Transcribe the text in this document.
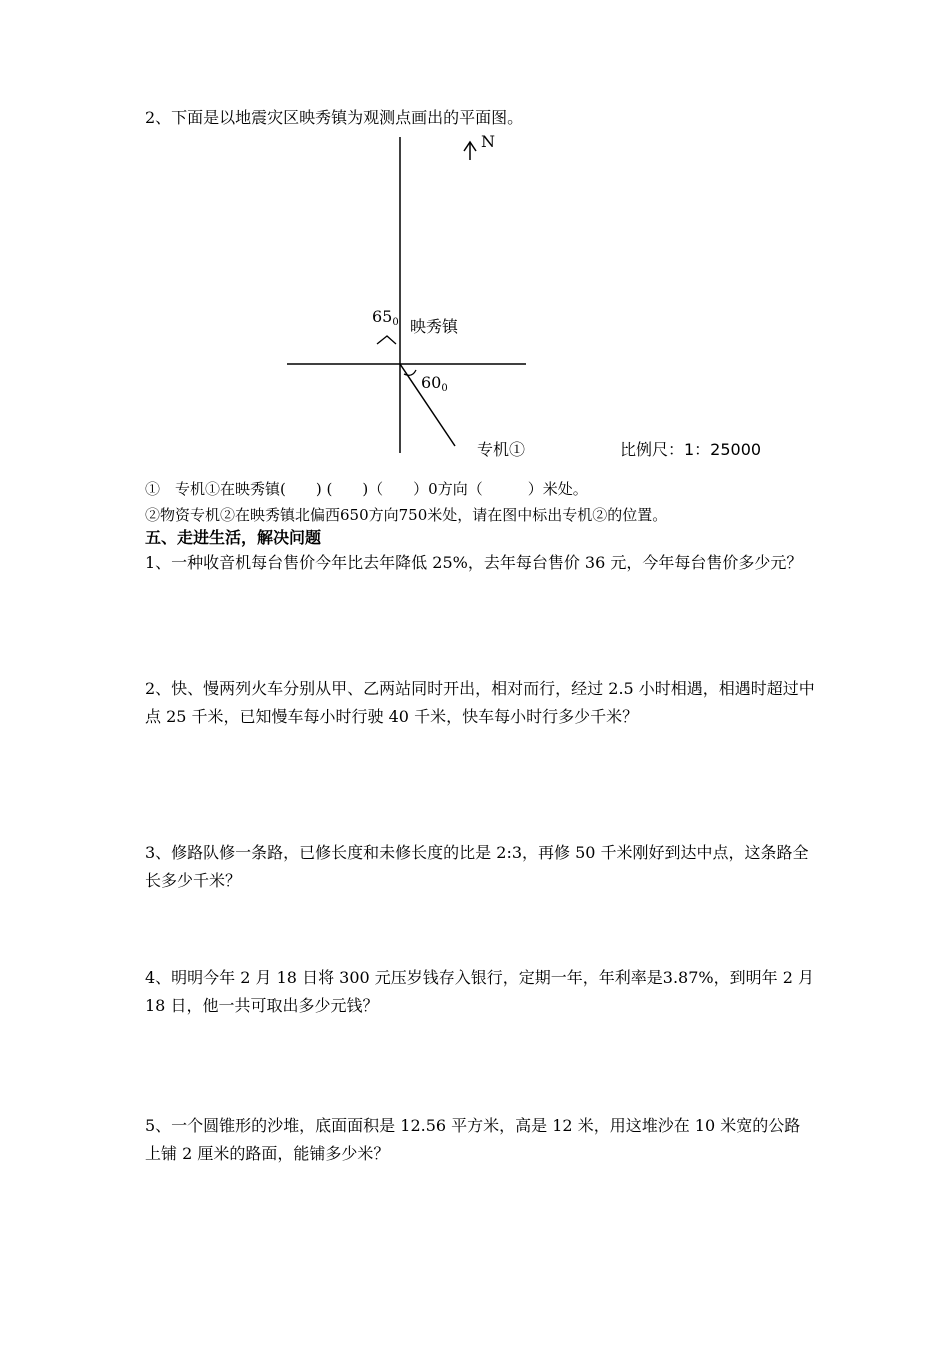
2、下面是以地震灾区映秀镇为观测点画出的平面图。
N
$65_0$ 映秀镇
$60_0$
专机①	比例尺：1：25000
①　专机①在映秀镇(　　) (　　)（　　）0方向（　　　）米处。
②物资专机②在映秀镇北偏西650方向750米处，请在图中标出专机②的位置。
五、走进生活，解决问题
1、一种收音机每台售价今年比去年降低 25%，去年每台售价 36 元，今年每台售价多少元？
2、快、慢两列火车分别从甲、乙两站同时开出，相对而行，经过 2.5 小时相遇，相遇时超过中点 25 千米，已知慢车每小时行驶 40 千米，快车每小时行多少千米？
3、修路队修一条路，已修长度和未修长度的比是 2:3，再修 50 千米刚好到达中点，这条路全长多少千米？
4、明明今年 2 月 18 日将 300 元压岁钱存入银行，定期一年，年利率是3.87%，到明年 2 月 18 日，他一共可取出多少元钱？
5、一个圆锥形的沙堆，底面面积是 12.56 平方米，高是 12 米，用这堆沙在 10 米宽的公路上铺 2 厘米的路面，能铺多少米？
